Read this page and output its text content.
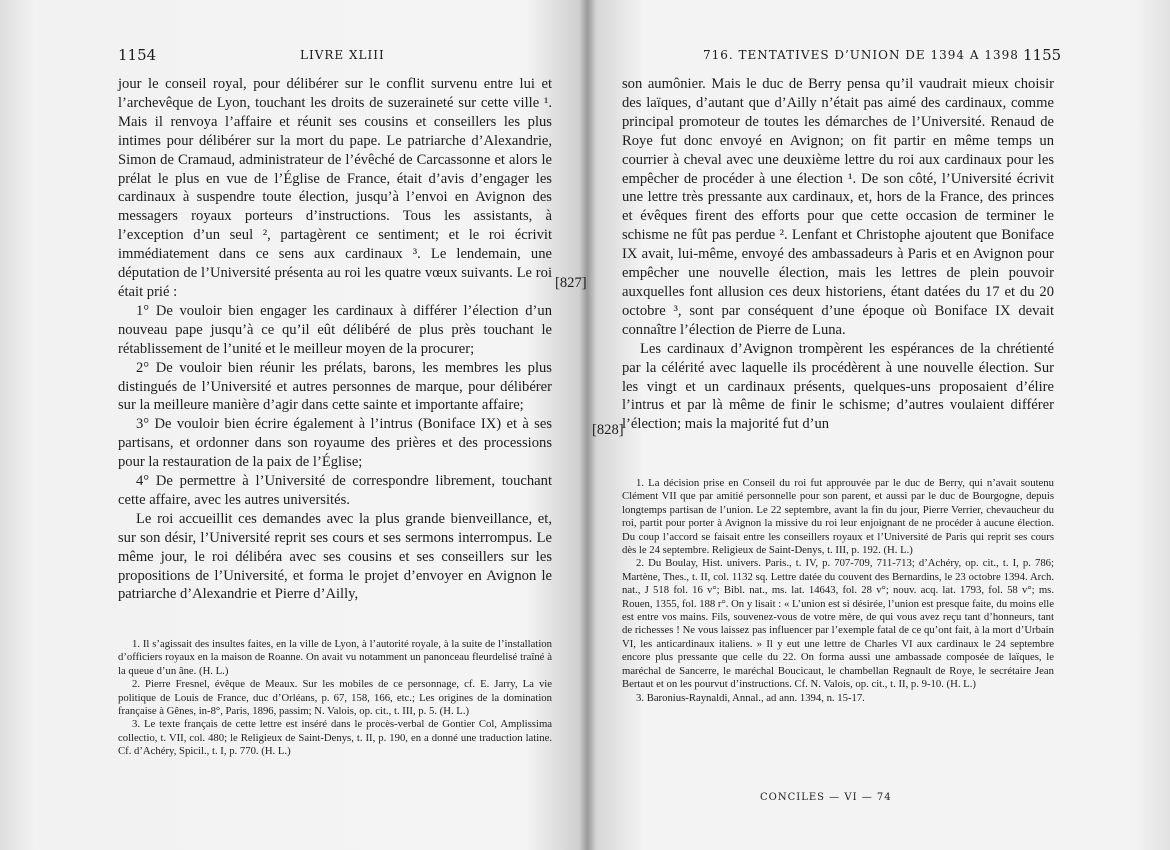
1154	LIVRE XLIII

jour le conseil royal, pour délibérer sur le conflit survenu entre lui et l’archevêque de Lyon, touchant les droits de suzeraineté sur cette ville ¹. Mais il renvoya l’affaire et réunit ses cousins et conseillers les plus intimes pour délibérer sur la mort du pape. Le patriarche d’Alexandrie, Simon de Cramaud, administrateur de l’évêché de Carcassonne et alors le prélat le plus en vue de l’Église de France, était d’avis d’engager les cardinaux à suspendre toute élection, jusqu’à l’envoi en Avignon des messagers royaux porteurs d’instructions. Tous les assistants, à l’exception d’un seul ², partagèrent ce sentiment; et le roi écrivit immédiatement dans ce sens aux cardinaux ³. Le lendemain, une députation de l’Université présenta au roi les quatre vœux suivants. Le roi était prié :

1° De vouloir bien engager les cardinaux à différer l’élection d’un nouveau pape jusqu’à ce qu’il eût délibéré de plus près touchant le rétablissement de l’unité et le meilleur moyen de la procurer;

2° De vouloir bien réunir les prélats, barons, les membres les plus distingués de l’Université et autres personnes de marque, pour délibérer sur la meilleure manière d’agir dans cette sainte et importante affaire;

3° De vouloir bien écrire également à l’intrus (Boniface IX) et à ses partisans, et ordonner dans son royaume des prières et des processions pour la restauration de la paix de l’Église;

4° De permettre à l’Université de correspondre librement, touchant cette affaire, avec les autres universités.

Le roi accueillit ces demandes avec la plus grande bienveillance, et, sur son désir, l’Université reprit ses cours et ses sermons interrompus. Le même jour, le roi délibéra avec ses cousins et ses conseillers sur les propositions de l’Université, et forma le projet d’envoyer en Avignon le patriarche d’Alexandrie et Pierre d’Ailly,

[827]

1. Il s’agissait des insultes faites, en la ville de Lyon, à l’autorité royale, à la suite de l’installation d’officiers royaux en la maison de Roanne. On avait vu notamment un panonceau fleurdelisé traîné à la queue d’un âne. (H. L.)

2. Pierre Fresnel, évêque de Meaux. Sur les mobiles de ce personnage, cf. E. Jarry, La vie politique de Louis de France, duc d’Orléans, p. 67, 158, 166, etc.; Les origines de la domination française à Gênes, in-8°, Paris, 1896, passim; N. Valois, op. cit., t. III, p. 5. (H. L.)

3. Le texte français de cette lettre est inséré dans le procès-verbal de Gontier Col, Amplissima collectio, t. VII, col. 480; le Religieux de Saint-Denys, t. II, p. 190, en a donné une traduction latine. Cf. d’Achéry, Spicil., t. I, p. 770. (H. L.)

716. TENTATIVES D’UNION DE 1394 A 1398 1155

son aumônier. Mais le duc de Berry pensa qu’il vaudrait mieux choisir des laïques, d’autant que d’Ailly n’était pas aimé des cardinaux, comme principal promoteur de toutes les démarches de l’Université. Renaud de Roye fut donc envoyé en Avignon; on fit partir en même temps un courrier à cheval avec une deuxième lettre du roi aux cardinaux pour les empêcher de procéder à une élection ¹. De son côté, l’Université écrivit une lettre très pressante aux cardinaux, et, hors de la France, des princes et évêques firent des efforts pour que cette occasion de terminer le schisme ne fût pas perdue ². Lenfant et Christophe ajoutent que Boniface IX avait, lui-même, envoyé des ambassadeurs à Paris et en Avignon pour empêcher une nouvelle élection, mais les lettres de plein pouvoir auxquelles font allusion ces deux historiens, étant datées du 17 et du 20 octobre ³, sont par conséquent d’une époque où Boniface IX devait connaître l’élection de Pierre de Luna.

Les cardinaux d’Avignon trompèrent les espérances de la chrétienté par la célérité avec laquelle ils procédèrent à une nouvelle élection. Sur les vingt et un cardinaux présents, quelques-uns proposaient d’élire l’intrus et par là même de finir le schisme; d’autres voulaient différer l’élection; mais la majorité fut d’un

[828]

1. La décision prise en Conseil du roi fut approuvée par le duc de Berry, qui n’avait soutenu Clément VII que par amitié personnelle pour son parent, et aussi par le duc de Bourgogne, depuis longtemps partisan de l’union. Le 22 septembre, avant la fin du jour, Pierre Verrier, chevaucheur du roi, partit pour porter à Avignon la missive du roi leur enjoignant de ne procéder à aucune élection. Du coup l’accord se faisait entre les conseillers royaux et l’Université de Paris qui reprit ses cours dès le 24 septembre. Religieux de Saint-Denys, t. III, p. 192. (H. L.)

2. Du Boulay, Hist. univers. Paris., t. IV, p. 707-709, 711-713; d’Achéry, op. cit., t. I, p. 786; Martène, Thes., t. II, col. 1132 sq. Lettre datée du couvent des Bernardins, le 23 octobre 1394. Arch. nat., J 518 fol. 16 v°; Bibl. nat., ms. lat. 14643, fol. 28 v°; nouv. acq. lat. 1793, fol. 58 v°; ms. Rouen, 1355, fol. 188 r°. On y lisait : « L’union est si désirée, l’union est presque faite, du moins elle est entre vos mains. Fils, souvenez-vous de votre mère, de qui vous avez reçu tant d’honneurs, tant de richesses ! Ne vous laissez pas influencer par l’exemple fatal de ce qu’ont fait, à la mort d’Urbain VI, les anticardinaux italiens. » Il y eut une lettre de Charles VI aux cardinaux le 24 septembre encore plus pressante que celle du 22. On forma aussi une ambassade composée de laïques, le maréchal de Sancerre, le maréchal Boucicaut, le chambellan Regnault de Roye, le secrétaire Jean Bertaut et on les pourvut d’instructions. Cf. N. Valois, op. cit., t. II, p. 9-10. (H. L.)

3. Baronius-Raynaldi, Annal., ad ann. 1394, n. 15-17.

CONCILES — VI — 74
